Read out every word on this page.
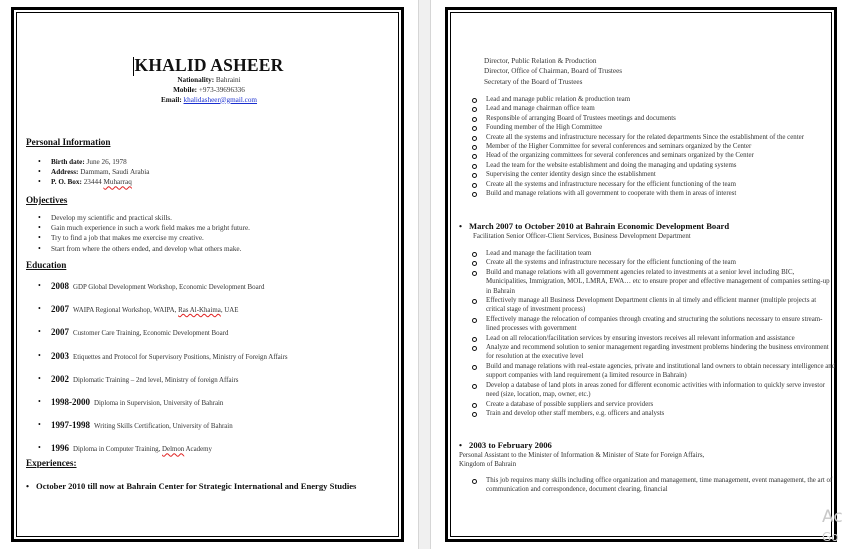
KHALID ASHEER
Nationality: Bahraini
Mobile: +973-39696336
Email: khalidasheer@gmail.com
Personal Information
• Birth date: June 26, 1978
• Address: Dammam, Saudi Arabia
• P. O. Box: 23444 Muharraq
Objectives
• Develop my scientific and practical skills.
• Gain much experience in such a work field makes me a bright future.
• Try to find a job that makes me exercise my creative.
• Start from where the others ended, and develop what others make.
Education
• 2008 GDP Global Development Workshop, Economic Development Board
• 2007 WAIPA Regional Workshop, WAIPA, Ras Al-Khaima, UAE
• 2007 Customer Care Training, Economic Development Board
• 2003 Etiquettes and Protocol for Supervisory Positions, Ministry of Foreign Affairs
• 2002 Diplomatic Training – 2nd level, Ministry of foreign Affairs
• 1998-2000 Diploma in Supervision, University of Bahrain
• 1997-1998 Writing Skills Certification, University of Bahrain
• 1996 Diploma in Computer Training, Delmon Academy
Experiences:
• October 2010 till now at Bahrain Center for Strategic International and Energy Studies
Director, Public Relation & Production
Director, Office of Chairman, Board of Trustees
Secretary of the Board of Trustees
Lead and manage public relation & production team
Lead and manage chairman office team
Responsible of arranging Board of Trustees meetings and documents
Founding member of the High Committee
Create all the systems and infrastructure necessary for the related departments Since the establishment of the center
Member of the Higher Committee for several conferences and seminars organized by the Center
Head of the organizing committees for several conferences and seminars organized by the Center
Lead the team for the website establishment and doing the managing and updating systems
Supervising the center identity design since the establishment
Create all the systems and infrastructure necessary for the efficient functioning of the team
Build and manage relations with all government to cooperate with them in areas of interest
• March 2007 to October 2010 at Bahrain Economic Development Board
Facilitation Senior Officer-Client Services, Business Development Department
Lead and manage the facilitation team
Create all the systems and infrastructure necessary for the efficient functioning of the team
Build and manage relations with all government agencies related to investments at a senior level including BIC, Municipalities, Immigration, MOL, LMRA, EWA… etc to ensure proper and effective management of companies setting-up in Bahrain
Effectively manage all Business Development Department clients in al timely and efficient manner (multiple projects at critical stage of investment process)
Effectively manage the relocation of companies through creating and structuring the solutions necessary to ensure stream-lined processes with government
Lead on all relocation/facilitation services by ensuring investors receives all relevant information and assistance
Analyze and recommend solution to senior management regarding investment problems hindering the business environment for resolution at the executive level
Build and manage relations with real-estate agencies, private and institutional land owners to obtain necessary intelligence and support companies with land requirement (a limited resource in Bahrain)
Develop a database of land plots in areas zoned for different economic activities with information to quickly serve investor need (size, location, map, owner, etc.)
Create a database of possible suppliers and service providers
Train and develop other staff members, e.g. officers and analysts
• 2003 to February 2006
Personal Assistant to the Minister of Information & Minister of State for Foreign Affairs,
Kingdom of Bahrain
This job requires many skills including office organization and management, time management, event management, the art of communication and correspondence, document clearing, financial
Ac
Go
